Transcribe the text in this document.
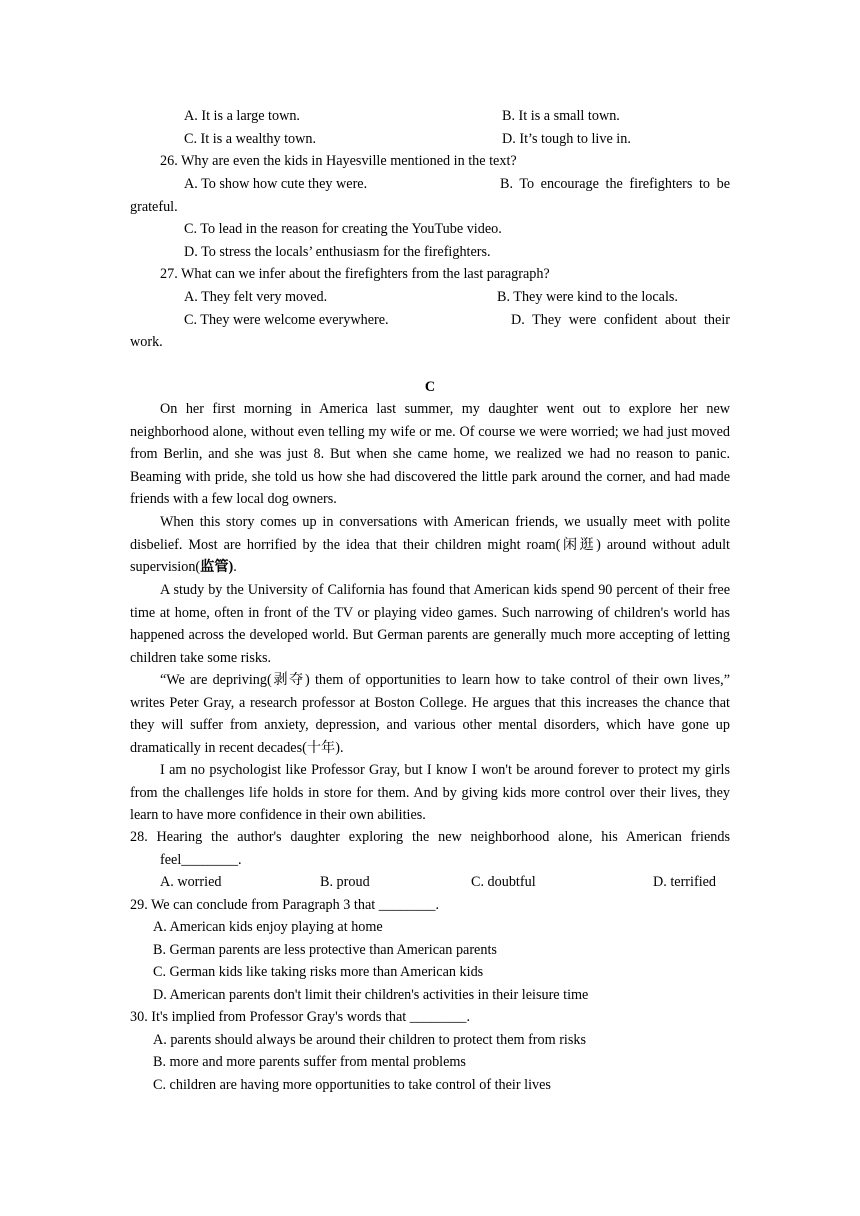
A. It is a large town.	B. It is a small town.
C. It is a wealthy town.	D. It’s tough to live in.
26. Why are even the kids in Hayesville mentioned in the text?
A. To show how cute they were.	B. To encourage the firefighters to be
grateful.
C. To lead in the reason for creating the YouTube video.
D. To stress the locals’ enthusiasm for the firefighters.
27. What can we infer about the firefighters from the last paragraph?
A. They felt very moved.	B. They were kind to the locals.
C. They were welcome everywhere.	D. They were confident about their
work.
C
On her first morning in America last summer, my daughter went out to explore her new neighborhood alone, without even telling my wife or me. Of course we were worried; we had just moved from Berlin, and she was just 8. But when she came home, we realized we had no reason to panic. Beaming with pride, she told us how she had discovered the little park around the corner, and had made friends with a few local dog owners.
When this story comes up in conversations with American friends, we usually meet with polite disbelief. Most are horrified by the idea that their children might roam(闲逛) around without adult supervision(监管).
A study by the University of California has found that American kids spend 90 percent of their free time at home, often in front of the TV or playing video games. Such narrowing of children's world has happened across the developed world. But German parents are generally much more accepting of letting children take some risks.
“We are depriving(剥夺) them of opportunities to learn how to take control of their own lives,” writes Peter Gray, a research professor at Boston College. He argues that this increases the chance that they will suffer from anxiety, depression, and various other mental disorders, which have gone up dramatically in recent decades(十年).
I am no psychologist like Professor Gray, but I know I won't be around forever to protect my girls from the challenges life holds in store for them. And by giving kids more control over their lives, they learn to have more confidence in their own abilities.
28. Hearing the author's daughter exploring the new neighborhood alone, his American friends
feel________.
A. worried	B. proud	C. doubtful	D. terrified
29. We can conclude from Paragraph 3 that ________.
A. American kids enjoy playing at home
B. German parents are less protective than American parents
C. German kids like taking risks more than American kids
D. American parents don't limit their children's activities in their leisure time
30. It's implied from Professor Gray's words that ________.
A. parents should always be around their children to protect them from risks
B. more and more parents suffer from mental problems
C. children are having more opportunities to take control of their lives
